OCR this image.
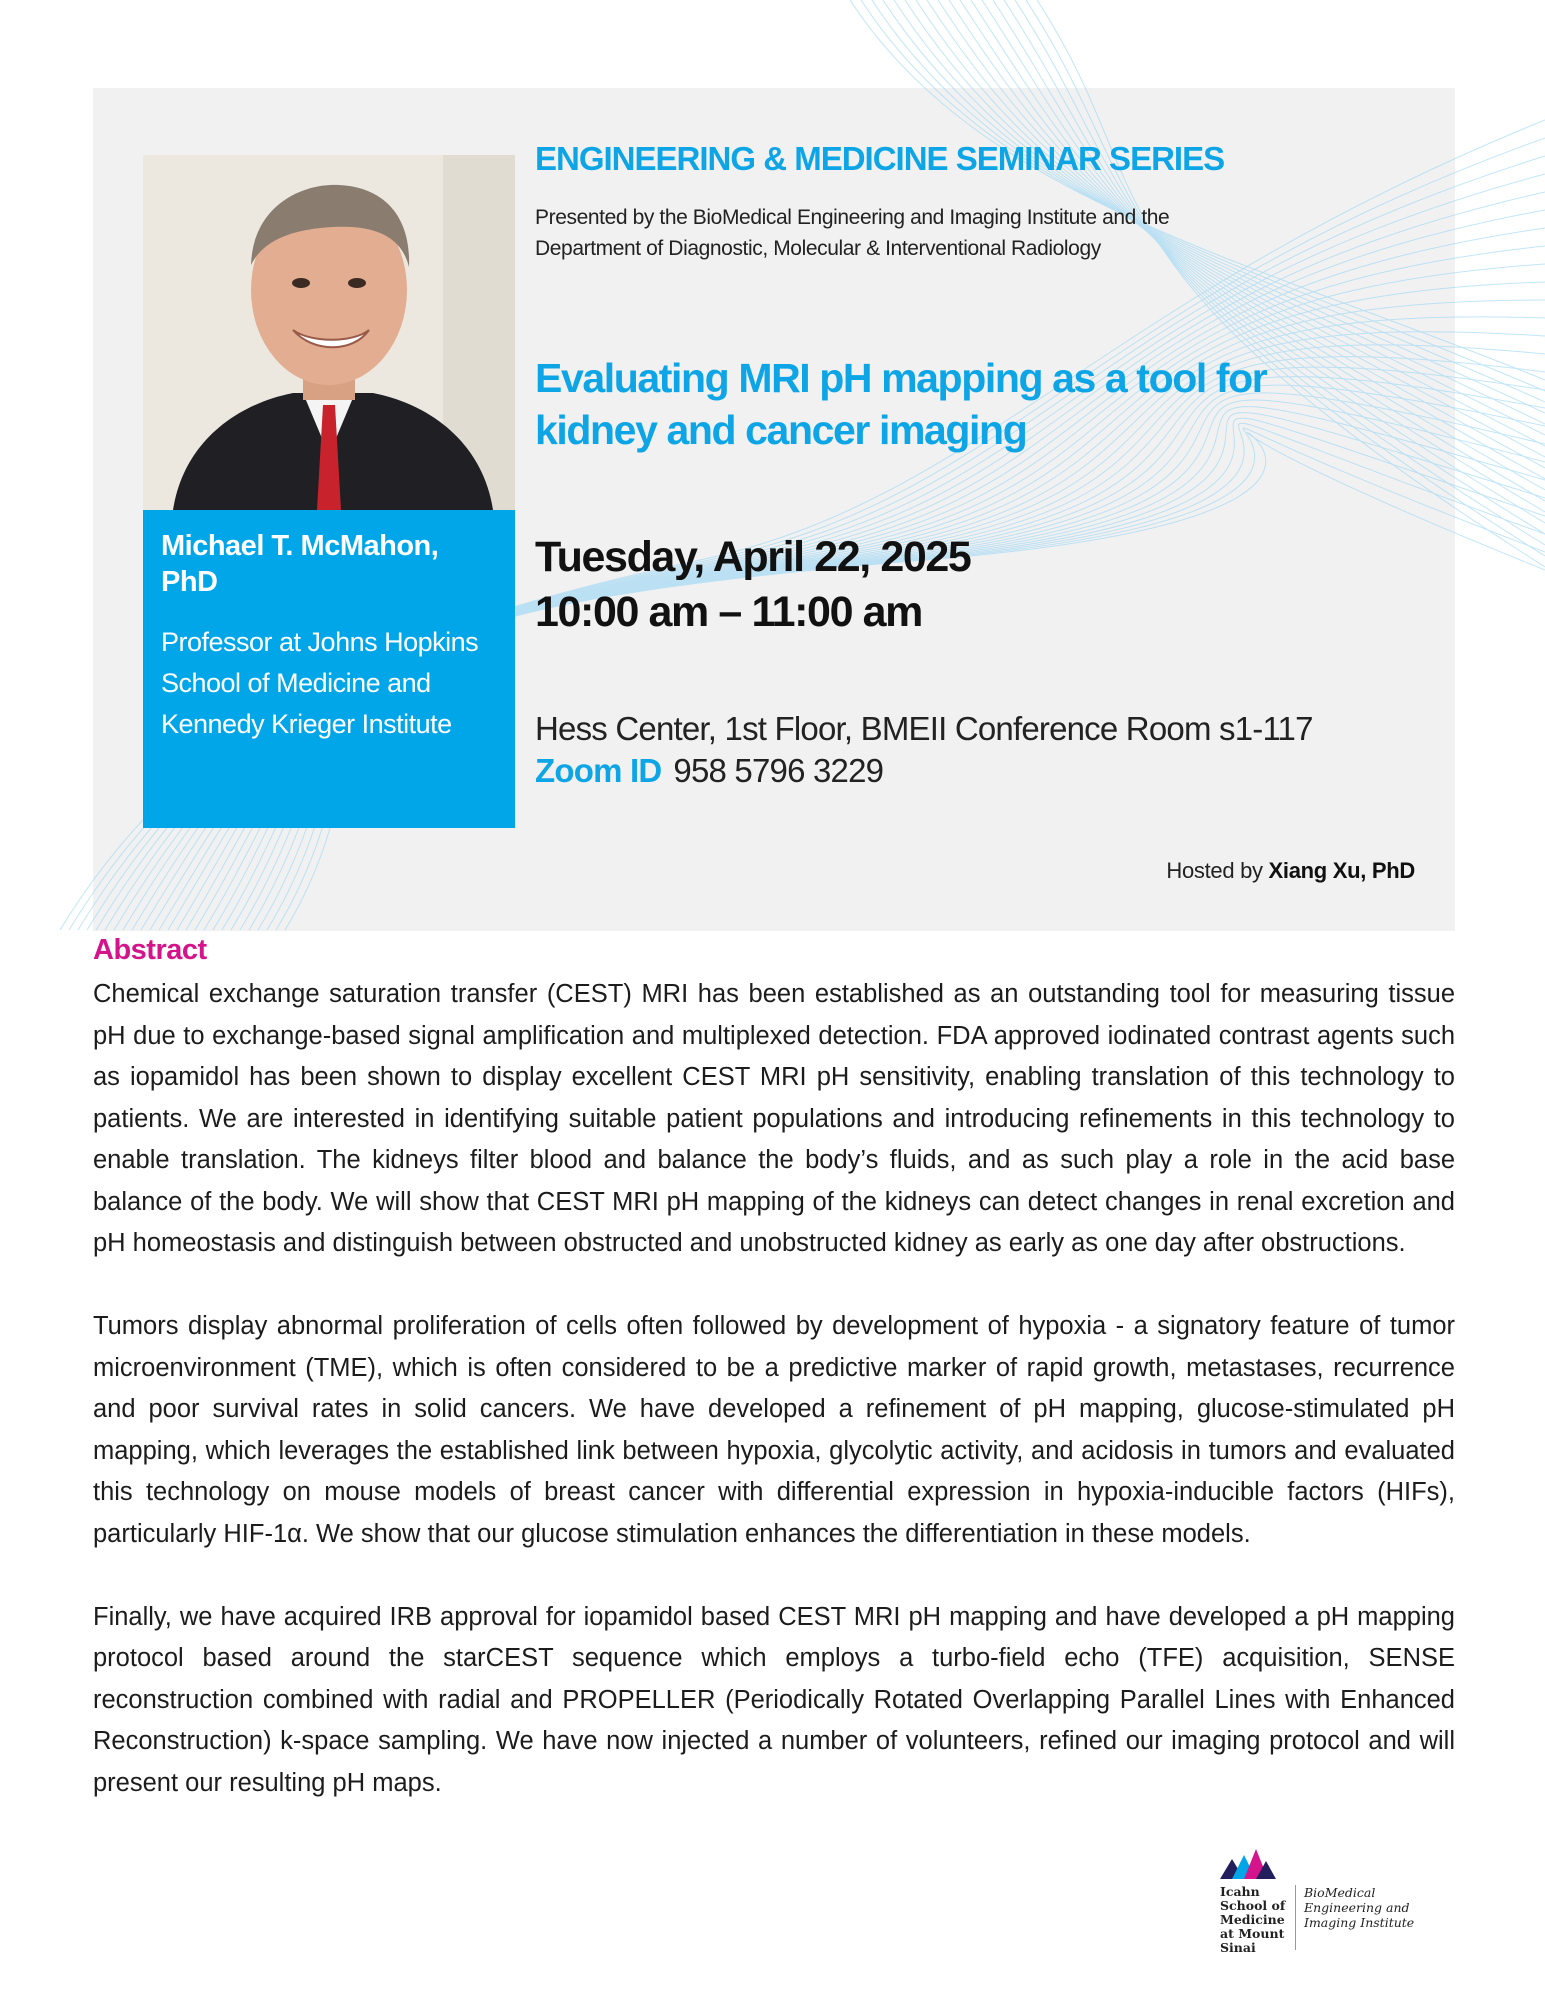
Michael T. McMahon, PhD
Professor at Johns Hopkins School of Medicine and Kennedy Krieger Institute
ENGINEERING & MEDICINE SEMINAR SERIES
Presented by the BioMedical Engineering and Imaging Institute and the
Department of Diagnostic, Molecular & Interventional Radiology
Evaluating MRI pH mapping as a tool for
kidney and cancer imaging
Tuesday, April 22, 2025
10:00 am – 11:00 am
Hess Center, 1st Floor, BMEII Conference Room s1-117
Zoom ID 958 5796 3229
Hosted by Xiang Xu, PhD
Abstract

Chemical exchange saturation transfer (CEST) MRI has been established as an outstanding tool for measuring tissue pH due to exchange-based signal amplification and multiplexed detection. FDA approved iodinated contrast agents such as iopamidol has been shown to display excellent CEST MRI pH sensitivity, enabling translation of this technology to patients. We are interested in identifying suitable patient populations and introducing refinements in this technology to enable translation. The kidneys filter blood and balance the body’s fluids, and as such play a role in the acid base balance of the body. We will show that CEST MRI pH mapping of the kidneys can detect changes in renal excretion and pH homeostasis and distinguish between obstructed and unobstructed kidney as early as one day after obstructions.

Tumors display abnormal proliferation of cells often followed by development of hypoxia - a signatory feature of tumor microenvironment (TME), which is often considered to be a predictive marker of rapid growth, metastases, recurrence and poor survival rates in solid cancers. We have developed a refinement of pH mapping, glucose-stimulated pH mapping, which leverages the established link between hypoxia, glycolytic activity, and acidosis in tumors and evaluated this technology on mouse models of breast cancer with differential expression in hypoxia-inducible factors (HIFs), particularly HIF-1α. We show that our glucose stimulation enhances the differentiation in these models.

Finally, we have acquired IRB approval for iopamidol based CEST MRI pH mapping and have developed a pH mapping protocol based around the starCEST sequence which employs a turbo-field echo (TFE) acquisition, SENSE reconstruction combined with radial and PROPELLER (Periodically Rotated Overlapping Parallel Lines with Enhanced Reconstruction) k-space sampling. We have now injected a number of volunteers, refined our imaging protocol and will present our resulting pH maps.

Icahn School of Medicine at Mount Sinai
BioMedical Engineering and Imaging Institute
